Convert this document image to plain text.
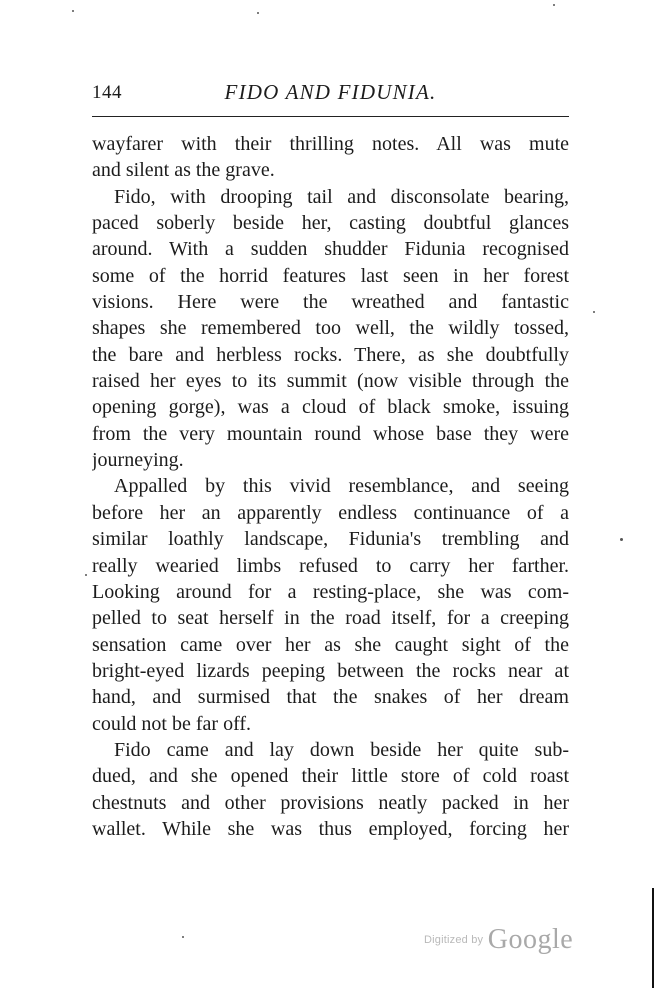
144	FIDO AND FIDUNIA.
wayfarer with their thrilling notes. All was mute
and silent as the grave.
Fido, with drooping tail and disconsolate bearing,
paced soberly beside her, casting doubtful glances
around. With a sudden shudder Fidunia recognised
some of the horrid features last seen in her forest
visions. Here were the wreathed and fantastic
shapes she remembered too well, the wildly tossed,
the bare and herbless rocks. There, as she doubtfully
raised her eyes to its summit (now visible through the
opening gorge), was a cloud of black smoke, issuing
from the very mountain round whose base they were
journeying.
Appalled by this vivid resemblance, and seeing
before her an apparently endless continuance of a
similar loathly landscape, Fidunia's trembling and
really wearied limbs refused to carry her farther.
Looking around for a resting-place, she was com-
pelled to seat herself in the road itself, for a creeping
sensation came over her as she caught sight of the
bright-eyed lizards peeping between the rocks near at
hand, and surmised that the snakes of her dream
could not be far off.
Fido came and lay down beside her quite sub-
dued, and she opened their little store of cold roast
chestnuts and other provisions neatly packed in her
wallet. While she was thus employed, forcing her
Digitized by Google
